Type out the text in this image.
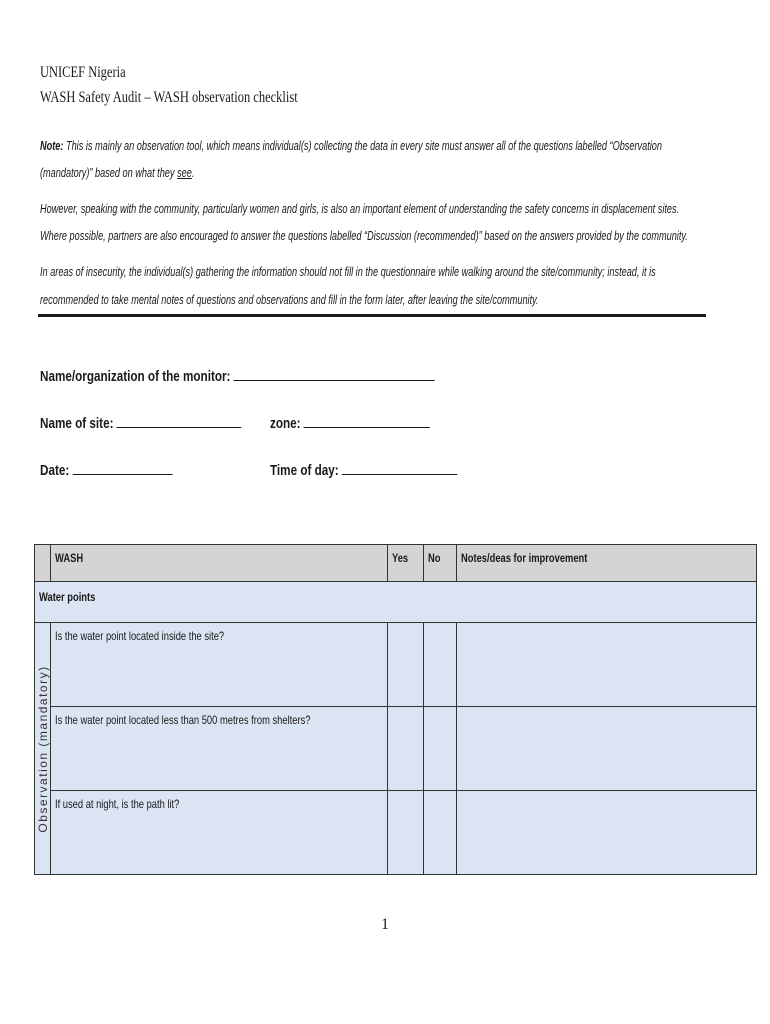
UNICEF Nigeria
WASH Safety Audit – WASH observation checklist
Note: This is mainly an observation tool, which means individual(s) collecting the data in every site must answer all of the questions labelled “Observation
(mandatory)” based on what they see.
However, speaking with the community, particularly women and girls, is also an important element of understanding the safety concerns in displacement sites.
Where possible, partners are also encouraged to answer the questions labelled “Discussion (recommended)” based on the answers provided by the community.
In areas of insecurity, the individual(s) gathering the information should not fill in the questionnaire while walking around the site/community; instead, it is
recommended to take mental notes of questions and observations and fill in the form later, after leaving the site/community.
Name/organization of the monitor:
Name of site:	zone:
Date:	Time of day:

	WASH	Yes	No	Notes/deas for improvement

Water points				

Observation (mandatory)	Is the water point located inside the site?			

	Is the water point located less than 500 metres from shelters?			

	If used at night, is the path lit?			

1
